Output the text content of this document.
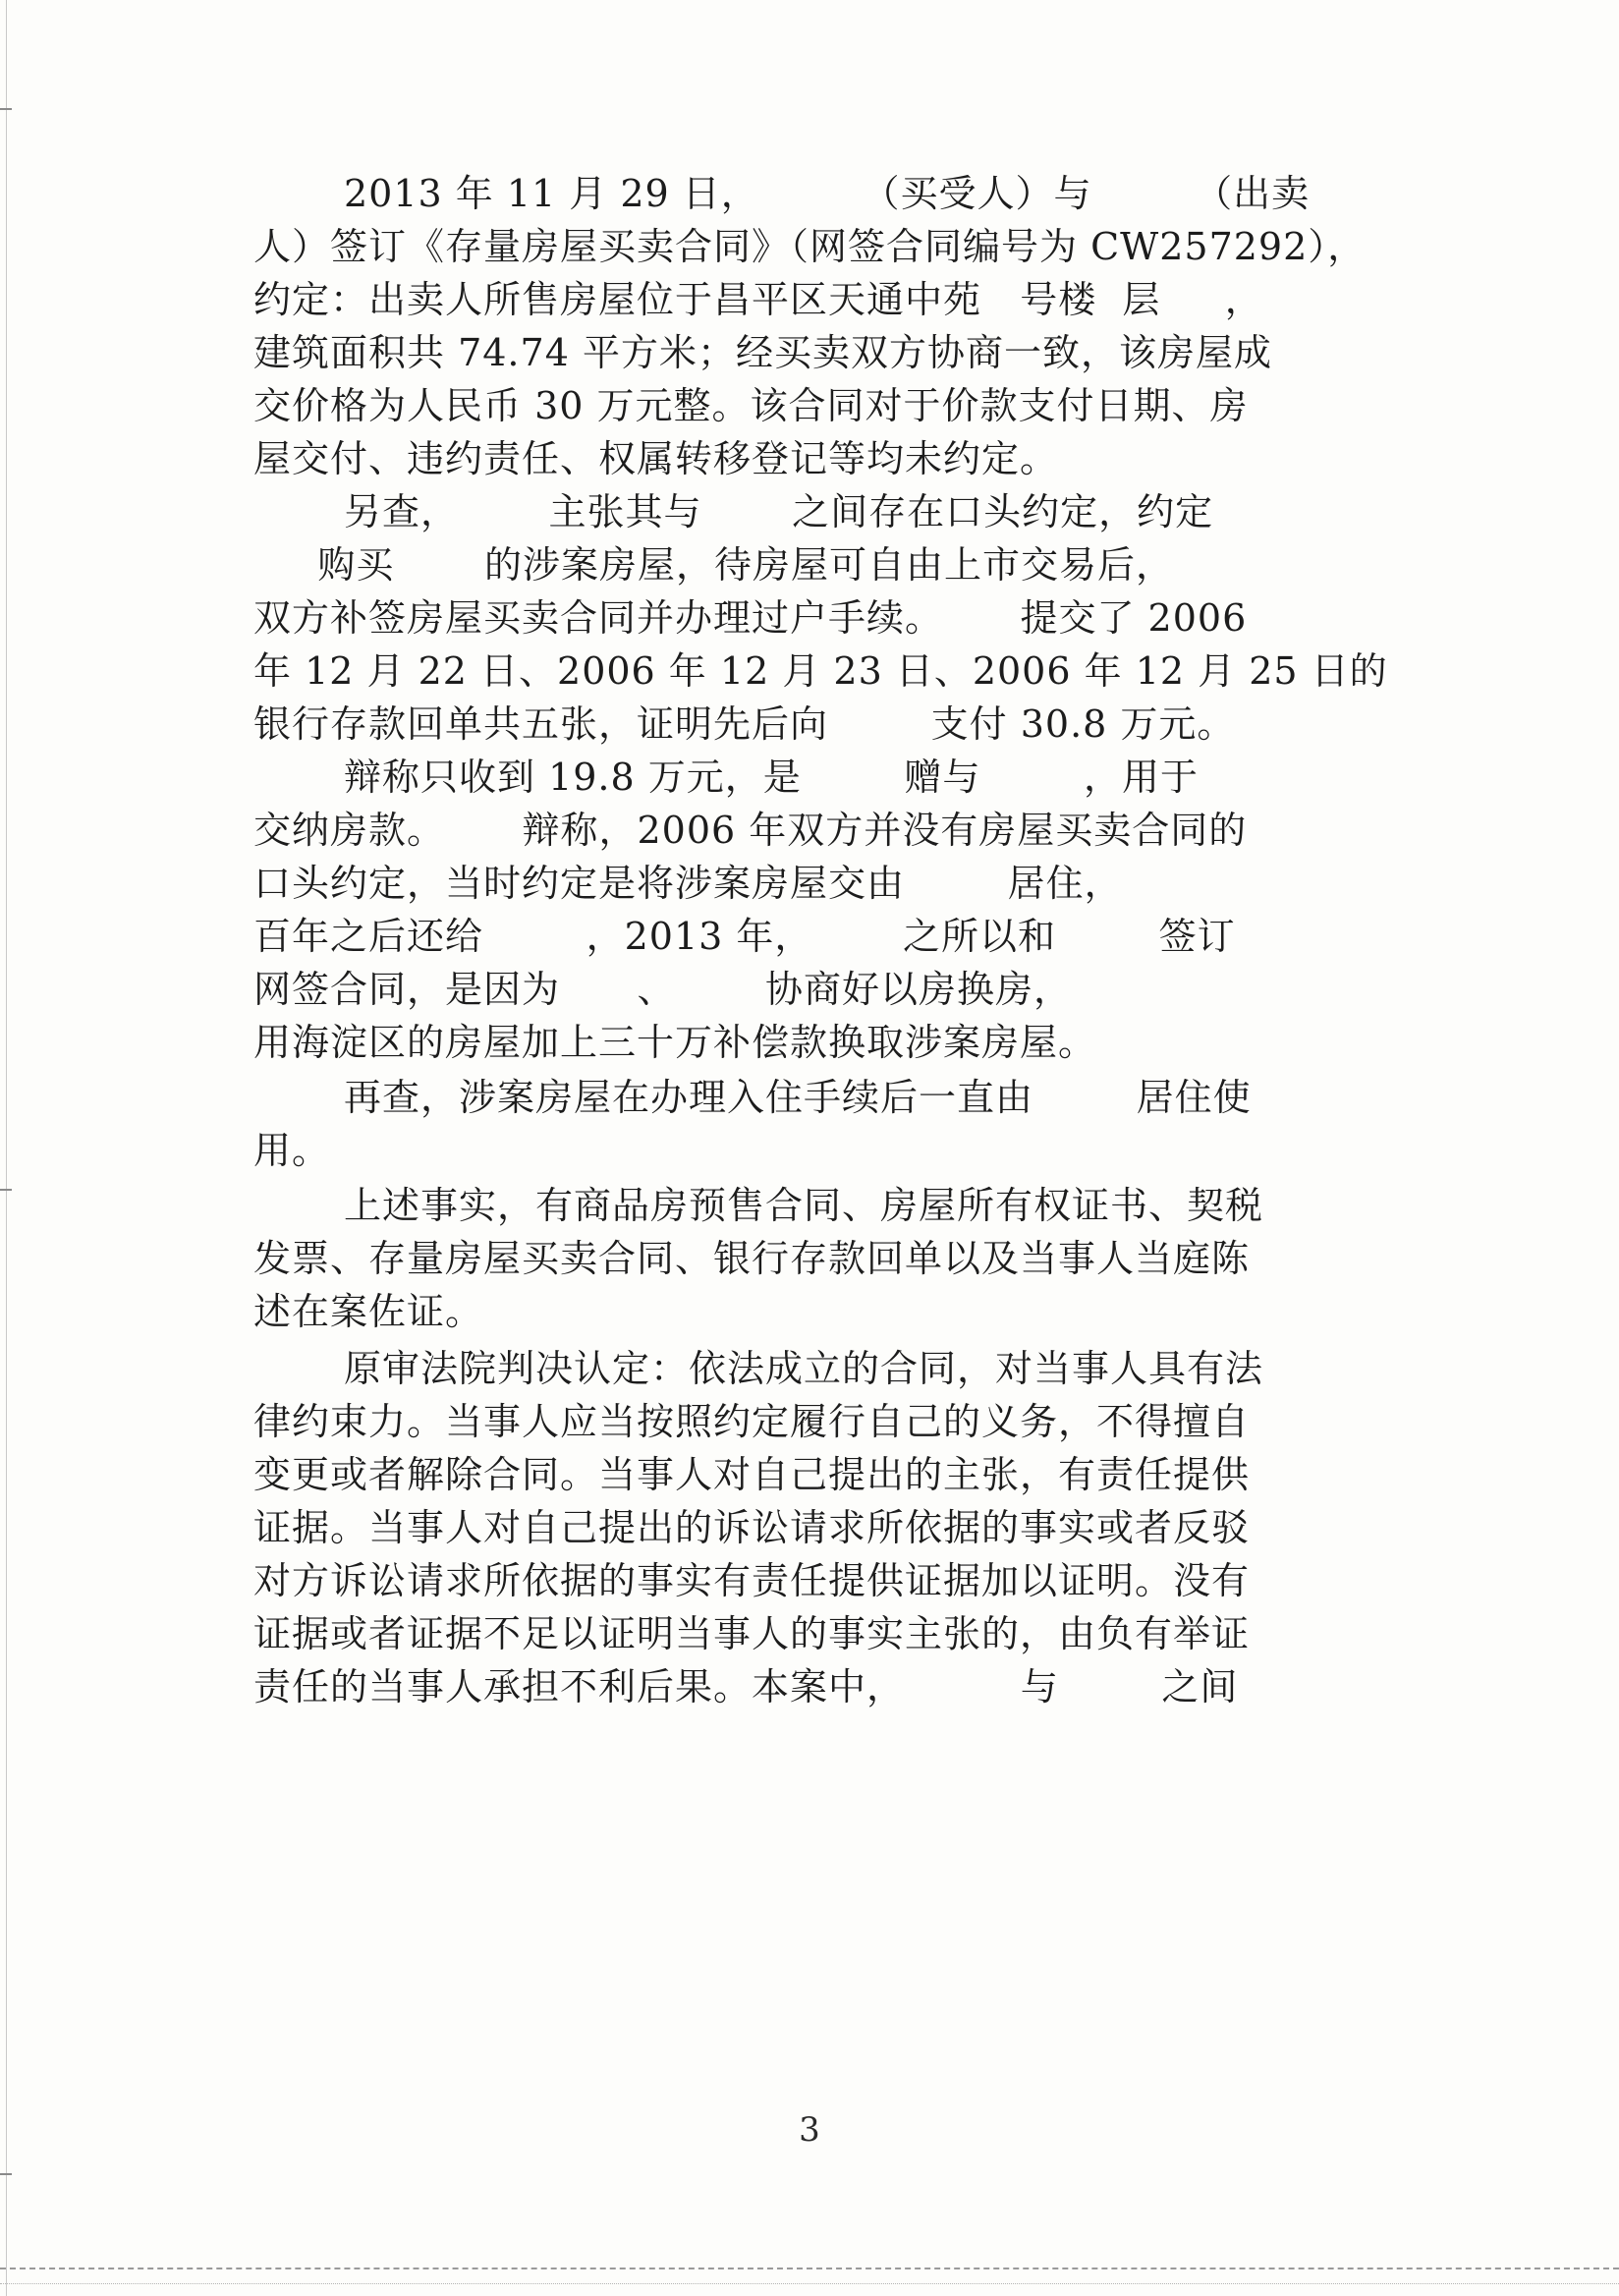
2013 年 11 月 29 日，        （买受人）与        （出卖
人）签订《存量房屋买卖合同》（网签合同编号为 CW257292），
约定：出卖人所售房屋位于昌平区天通中苑   号楼  层     ，
建筑面积共 74.74 平方米；经买卖双方协商一致，该房屋成
交价格为人民币 30 万元整。该合同对于价款支付日期、房
屋交付、违约责任、权属转移登记等均未约定。
另查，       主张其与       之间存在口头约定，约定
购买       的涉案房屋，待房屋可自由上市交易后，
双方补签房屋买卖合同并办理过户手续。      提交了 2006
年 12 月 22 日、2006 年 12 月 23 日、2006 年 12 月 25 日的
银行存款回单共五张，证明先后向        支付 30.8 万元。
辩称只收到 19.8 万元，是        赠与        ，用于
交纳房款。      辩称，2006 年双方并没有房屋买卖合同的
口头约定，当时约定是将涉案房屋交由        居住，
百年之后还给        ，2013 年，       之所以和        签订
网签合同，是因为      、       协商好以房换房，
用海淀区的房屋加上三十万补偿款换取涉案房屋。
再查，涉案房屋在办理入住手续后一直由        居住使
用。
上述事实，有商品房预售合同、房屋所有权证书、契税
发票、存量房屋买卖合同、银行存款回单以及当事人当庭陈
述在案佐证。
原审法院判决认定：依法成立的合同，对当事人具有法
律约束力。当事人应当按照约定履行自己的义务，不得擅自
变更或者解除合同。当事人对自己提出的主张，有责任提供
证据。当事人对自己提出的诉讼请求所依据的事实或者反驳
对方诉讼请求所依据的事实有责任提供证据加以证明。没有
证据或者证据不足以证明当事人的事实主张的，由负有举证
责任的当事人承担不利后果。本案中，         与        之间
3
